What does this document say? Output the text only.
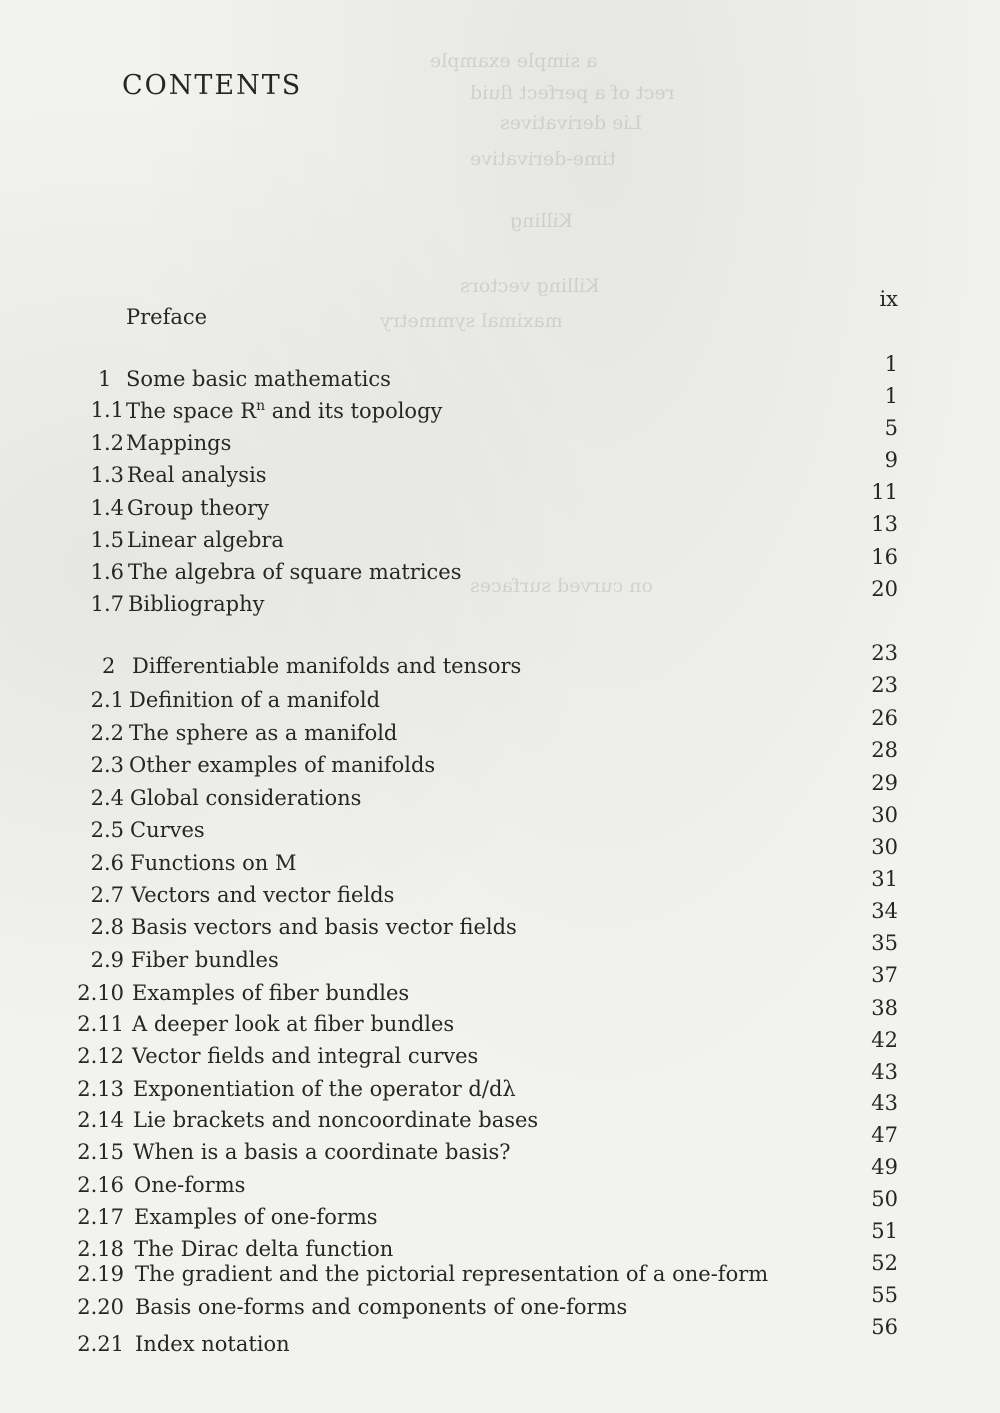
a simple example
rect of a perfect fluid
Lie derivatives
time-derivative
Killing
Killing vectors
maximal symmetry
on curved surfaces
CONTENTS
Preface
ix
1 Some basic mathematics
1
1.1 The space $R^n$ and its topology
1
1.2 Mappings
5
1.3 Real analysis
9
1.4 Group theory
11
1.5 Linear algebra
13
1.6 The algebra of square matrices
16
1.7 Bibliography
20
2 Differentiable manifolds and tensors
23
2.1 Definition of a manifold
23
2.2 The sphere as a manifold
26
2.3 Other examples of manifolds
28
2.4 Global considerations
29
2.5 Curves
30
2.6 Functions on M
30
2.7 Vectors and vector fields
31
2.8 Basis vectors and basis vector fields
34
2.9 Fiber bundles
35
2.10 Examples of fiber bundles
37
2.11 A deeper look at fiber bundles
38
2.12 Vector fields and integral curves
42
2.13 Exponentiation of the operator d/dλ
43
2.14 Lie brackets and noncoordinate bases
43
2.15 When is a basis a coordinate basis?
47
2.16 One-forms
49
2.17 Examples of one-forms
50
2.18 The Dirac delta function
51
2.19 The gradient and the pictorial representation of a one-form	52
2.20 Basis one-forms and components of one-forms	55
2.21 Index notation
56
